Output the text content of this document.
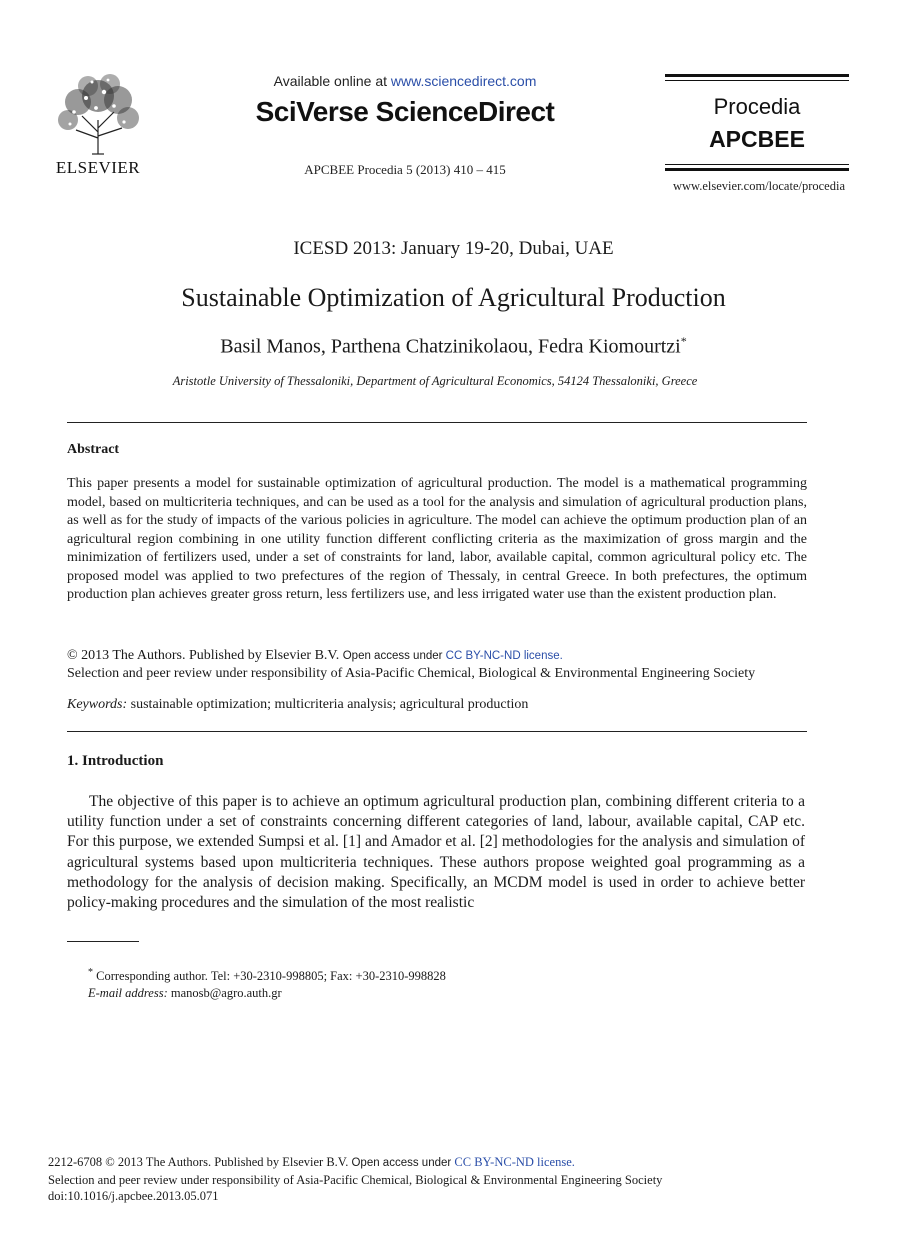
ELSEVIER
Available online at www.sciencedirect.com
SciVerse ScienceDirect
APCBEE Procedia 5 (2013) 410 – 415
Procedia
APCBEE
www.elsevier.com/locate/procedia
ICESD 2013: January 19-20, Dubai, UAE
Sustainable Optimization of Agricultural Production
Basil Manos, Parthena Chatzinikolaou, Fedra Kiomourtzi*
Aristotle University of Thessaloniki, Department of Agricultural Economics, 54124 Thessaloniki, Greece
Abstract
This paper presents a model for sustainable optimization of agricultural production. The model is a mathematical programming model, based on multicriteria techniques, and can be used as a tool for the analysis and simulation of agricultural production plans, as well as for the study of impacts of the various policies in agriculture. The model can achieve the optimum production plan of an agricultural region combining in one utility function different conflicting criteria as the maximization of gross margin and the minimization of fertilizers used, under a set of constraints for land, labor, available capital, common agricultural policy etc. The proposed model was applied to two prefectures of the region of Thessaly, in central Greece. In both prefectures, the optimum production plan achieves greater gross return, less fertilizers use, and less irrigated water use than the existent production plan.
© 2013 The Authors. Published by Elsevier B.V. Open access under CC BY-NC-ND license.
Selection and peer review under responsibility of Asia-Pacific Chemical, Biological & Environmental Engineering Society
Keywords: sustainable optimization; multicriteria analysis; agricultural production
1. Introduction
The objective of this paper is to achieve an optimum agricultural production plan, combining different criteria to a utility function under a set of constraints concerning different categories of land, labour, available capital, CAP etc. For this purpose, we extended Sumpsi et al. [1] and Amador et al. [2] methodologies for the analysis and simulation of agricultural systems based upon multicriteria techniques. These authors propose weighted goal programming as a methodology for the analysis of decision making. Specifically, an MCDM model is used in order to achieve better policy-making procedures and the simulation of the most realistic
* Corresponding author. Tel: +30-2310-998805; Fax: +30-2310-998828
E-mail address: manosb@agro.auth.gr
2212-6708 © 2013 The Authors. Published by Elsevier B.V. Open access under CC BY-NC-ND license.
Selection and peer review under responsibility of Asia-Pacific Chemical, Biological & Environmental Engineering Society
doi:10.1016/j.apcbee.2013.05.071
